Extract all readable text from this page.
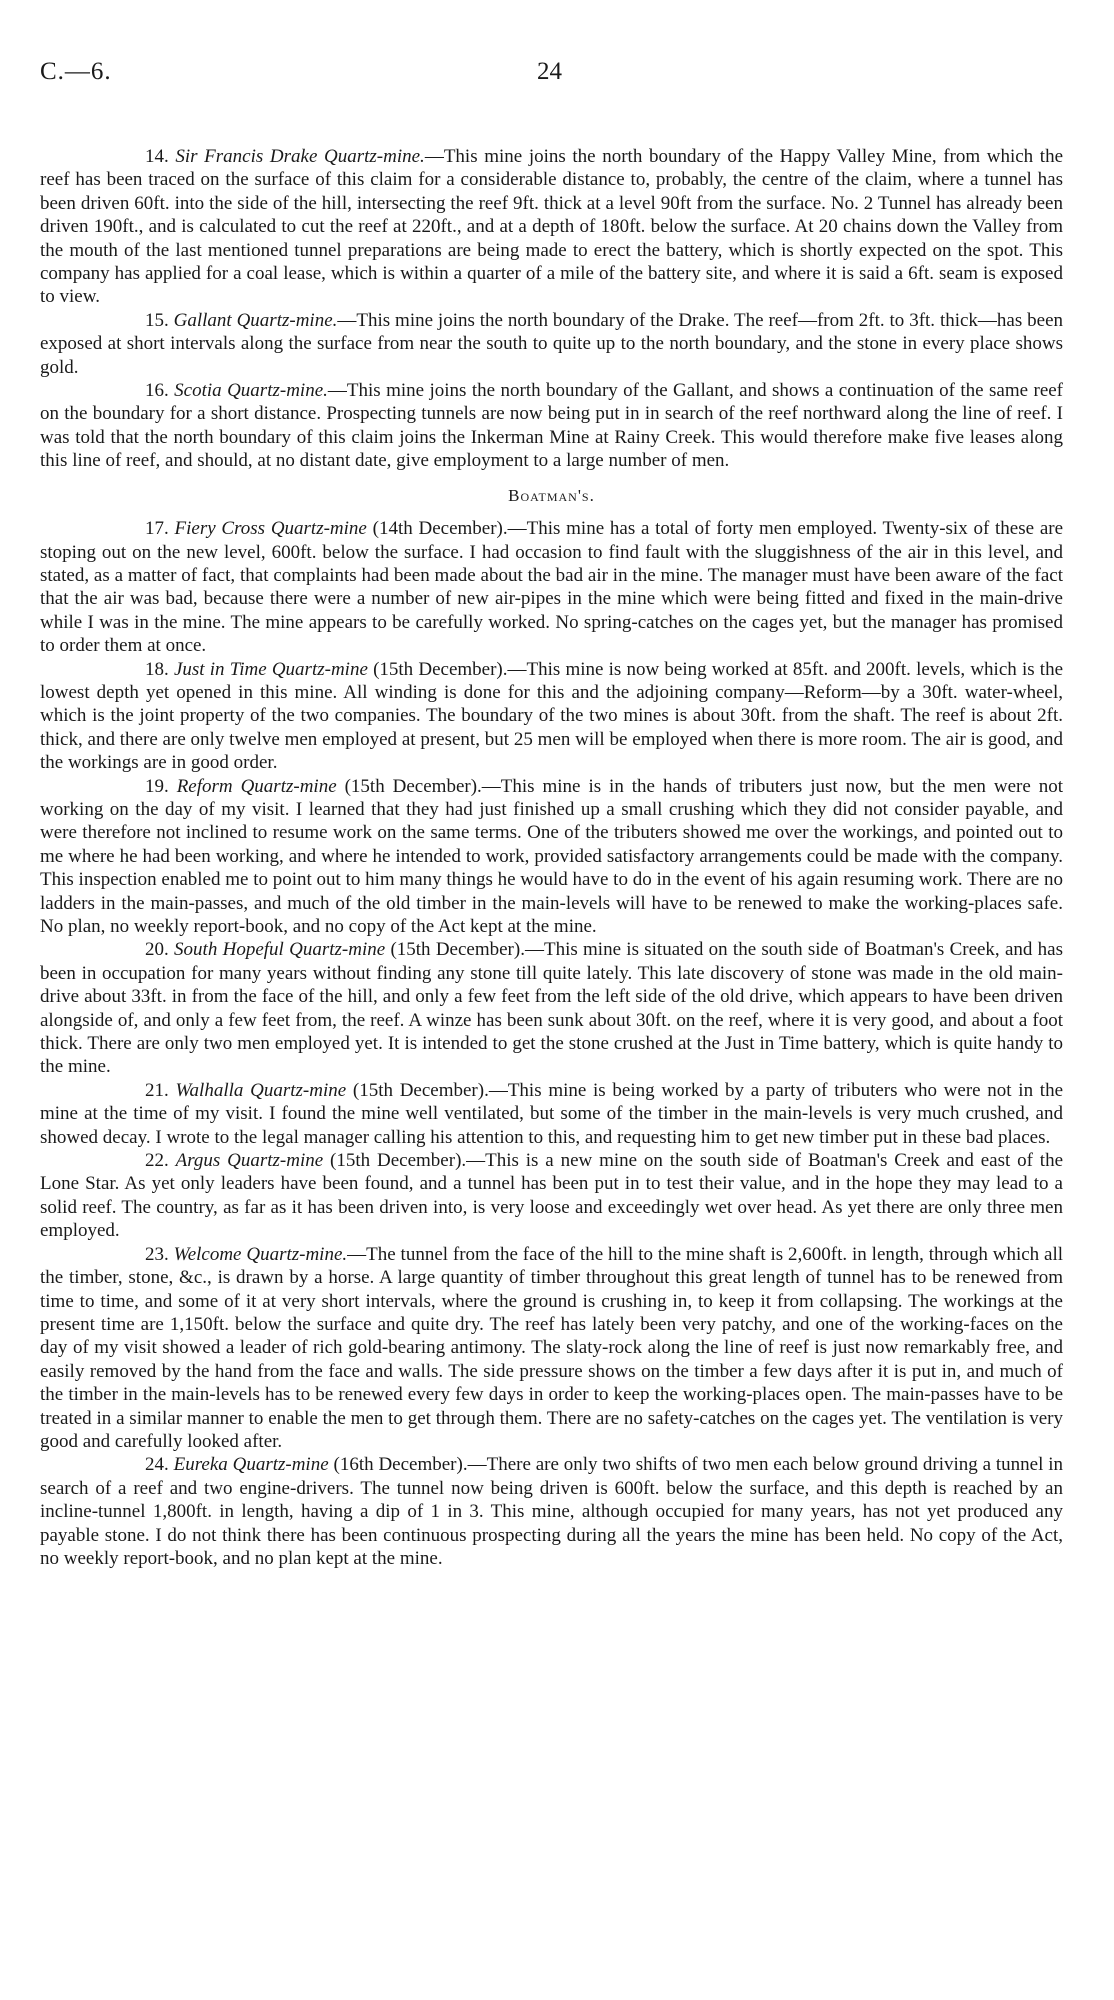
C.—6.	24

14. Sir Francis Drake Quartz-mine.—This mine joins the north boundary of the Happy Valley Mine, from which the reef has been traced on the surface of this claim for a considerable distance to, probably, the centre of the claim, where a tunnel has been driven 60ft. into the side of the hill, intersecting the reef 9ft. thick at a level 90ft from the surface. No. 2 Tunnel has already been driven 190ft., and is calculated to cut the reef at 220ft., and at a depth of 180ft. below the surface. At 20 chains down the Valley from the mouth of the last mentioned tunnel preparations are being made to erect the battery, which is shortly expected on the spot. This company has applied for a coal lease, which is within a quarter of a mile of the battery site, and where it is said a 6ft. seam is exposed to view.

15. Gallant Quartz-mine.—This mine joins the north boundary of the Drake. The reef—from 2ft. to 3ft. thick—has been exposed at short intervals along the surface from near the south to quite up to the north boundary, and the stone in every place shows gold.

16. Scotia Quartz-mine.—This mine joins the north boundary of the Gallant, and shows a continuation of the same reef on the boundary for a short distance. Prospecting tunnels are now being put in in search of the reef northward along the line of reef. I was told that the north boundary of this claim joins the Inkerman Mine at Rainy Creek. This would therefore make five leases along this line of reef, and should, at no distant date, give employment to a large number of men.

Boatman's.

17. Fiery Cross Quartz-mine (14th December).—This mine has a total of forty men employed. Twenty-six of these are stoping out on the new level, 600ft. below the surface. I had occasion to find fault with the sluggishness of the air in this level, and stated, as a matter of fact, that complaints had been made about the bad air in the mine. The manager must have been aware of the fact that the air was bad, because there were a number of new air-pipes in the mine which were being fitted and fixed in the main-drive while I was in the mine. The mine appears to be carefully worked. No spring-catches on the cages yet, but the manager has promised to order them at once.

18. Just in Time Quartz-mine (15th December).—This mine is now being worked at 85ft. and 200ft. levels, which is the lowest depth yet opened in this mine. All winding is done for this and the adjoining company—Reform—by a 30ft. water-wheel, which is the joint property of the two companies. The boundary of the two mines is about 30ft. from the shaft. The reef is about 2ft. thick, and there are only twelve men employed at present, but 25 men will be employed when there is more room. The air is good, and the workings are in good order.

19. Reform Quartz-mine (15th December).—This mine is in the hands of tributers just now, but the men were not working on the day of my visit. I learned that they had just finished up a small crushing which they did not consider payable, and were therefore not inclined to resume work on the same terms. One of the tributers showed me over the workings, and pointed out to me where he had been working, and where he intended to work, provided satisfactory arrangements could be made with the company. This inspection enabled me to point out to him many things he would have to do in the event of his again resuming work. There are no ladders in the main-passes, and much of the old timber in the main-levels will have to be renewed to make the working-places safe. No plan, no weekly report-book, and no copy of the Act kept at the mine.

20. South Hopeful Quartz-mine (15th December).—This mine is situated on the south side of Boatman's Creek, and has been in occupation for many years without finding any stone till quite lately. This late discovery of stone was made in the old main-drive about 33ft. in from the face of the hill, and only a few feet from the left side of the old drive, which appears to have been driven alongside of, and only a few feet from, the reef. A winze has been sunk about 30ft. on the reef, where it is very good, and about a foot thick. There are only two men employed yet. It is intended to get the stone crushed at the Just in Time battery, which is quite handy to the mine.

21. Walhalla Quartz-mine (15th December).—This mine is being worked by a party of tributers who were not in the mine at the time of my visit. I found the mine well ventilated, but some of the timber in the main-levels is very much crushed, and showed decay. I wrote to the legal manager calling his attention to this, and requesting him to get new timber put in these bad places.

22. Argus Quartz-mine (15th December).—This is a new mine on the south side of Boatman's Creek and east of the Lone Star. As yet only leaders have been found, and a tunnel has been put in to test their value, and in the hope they may lead to a solid reef. The country, as far as it has been driven into, is very loose and exceedingly wet over head. As yet there are only three men employed.

23. Welcome Quartz-mine.—The tunnel from the face of the hill to the mine shaft is 2,600ft. in length, through which all the timber, stone, &c., is drawn by a horse. A large quantity of timber throughout this great length of tunnel has to be renewed from time to time, and some of it at very short intervals, where the ground is crushing in, to keep it from collapsing. The workings at the present time are 1,150ft. below the surface and quite dry. The reef has lately been very patchy, and one of the working-faces on the day of my visit showed a leader of rich gold-bearing antimony. The slaty-rock along the line of reef is just now remarkably free, and easily removed by the hand from the face and walls. The side pressure shows on the timber a few days after it is put in, and much of the timber in the main-levels has to be renewed every few days in order to keep the working-places open. The main-passes have to be treated in a similar manner to enable the men to get through them. There are no safety-catches on the cages yet. The ventilation is very good and carefully looked after.

24. Eureka Quartz-mine (16th December).—There are only two shifts of two men each below ground driving a tunnel in search of a reef and two engine-drivers. The tunnel now being driven is 600ft. below the surface, and this depth is reached by an incline-tunnel 1,800ft. in length, having a dip of 1 in 3. This mine, although occupied for many years, has not yet produced any payable stone. I do not think there has been continuous prospecting during all the years the mine has been held. No copy of the Act, no weekly report-book, and no plan kept at the mine.
